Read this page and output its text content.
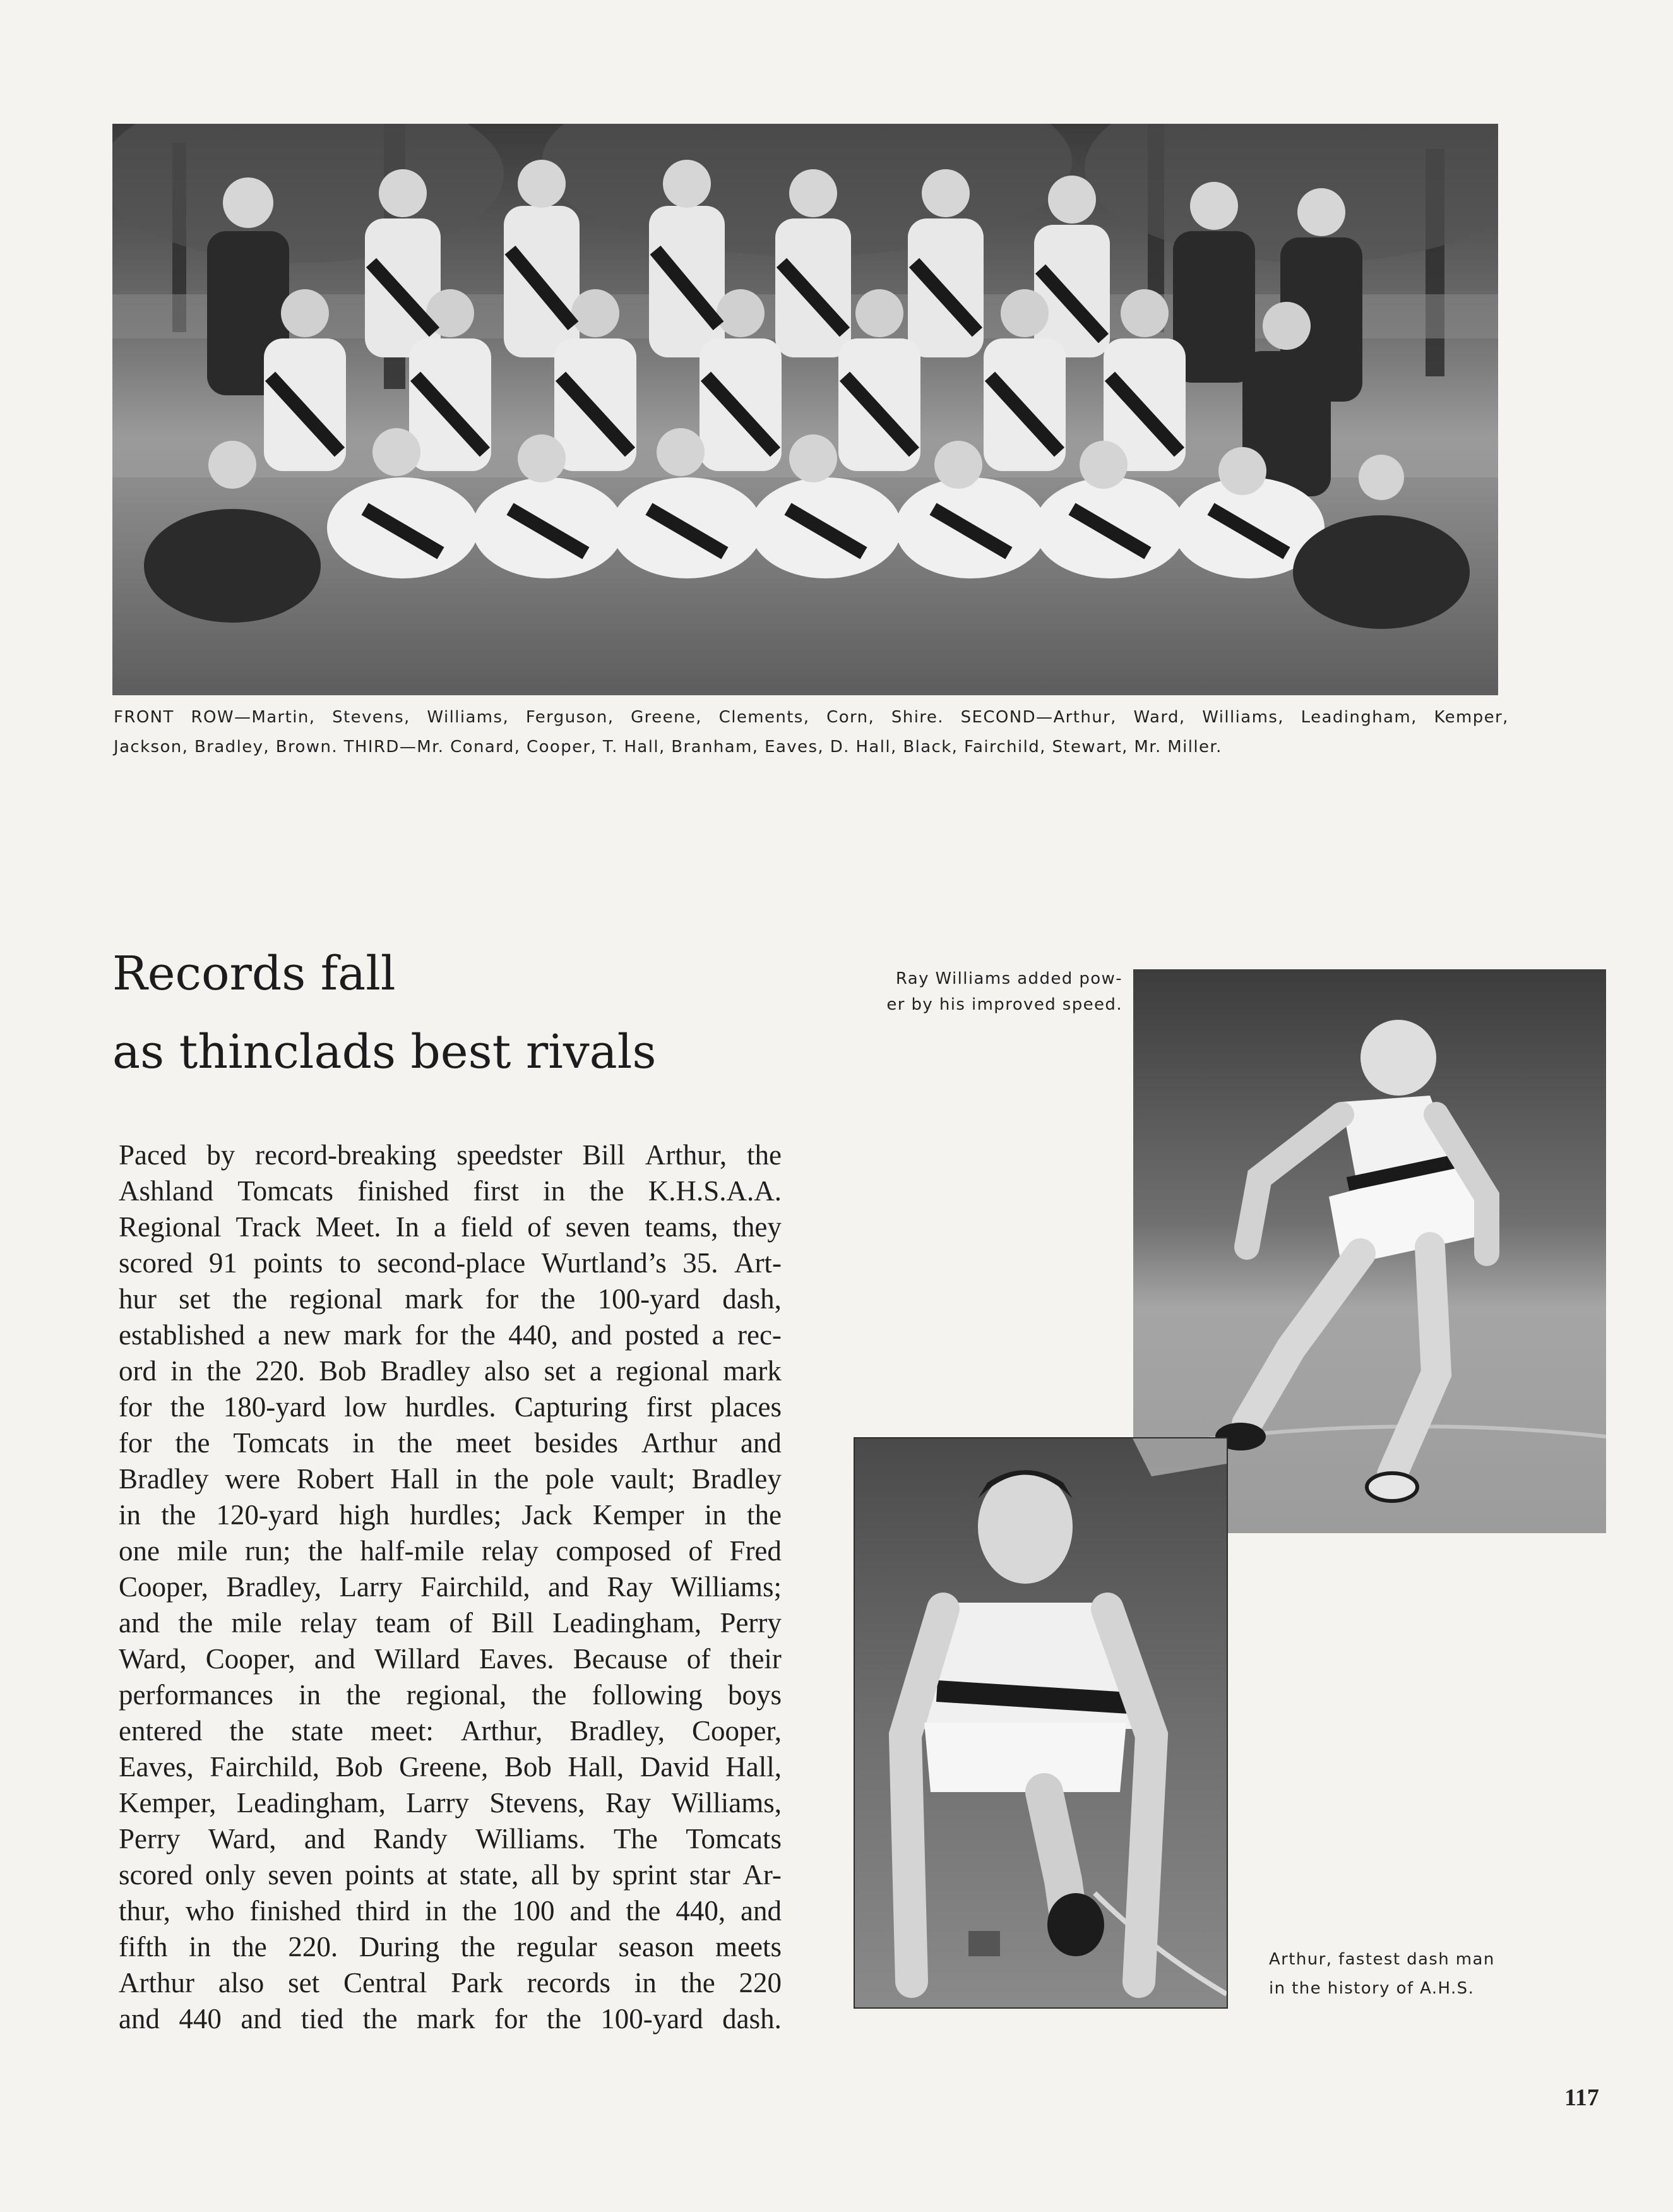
FRONT ROW—Martin, Stevens, Williams, Ferguson, Greene, Clements, Corn, Shire. SECOND—Arthur, Ward, Williams, Leadingham, Kemper,
Jackson, Bradley, Brown. THIRD—Mr. Conard, Cooper, T. Hall, Branham, Eaves, D. Hall, Black, Fairchild, Stewart, Mr. Miller.
Records fall
as thinclads best rivals
Paced by record-breaking speedster Bill Arthur, the
Ashland Tomcats finished first in the K.H.S.A.A.
Regional Track Meet. In a field of seven teams, they
scored 91 points to second-place Wurtland’s 35. Art-
hur set the regional mark for the 100-yard dash,
established a new mark for the 440, and posted a rec-
ord in the 220. Bob Bradley also set a regional mark
for the 180-yard low hurdles. Capturing first places
for the Tomcats in the meet besides Arthur and
Bradley were Robert Hall in the pole vault; Bradley
in the 120-yard high hurdles; Jack Kemper in the
one mile run; the half-mile relay composed of Fred
Cooper, Bradley, Larry Fairchild, and Ray Williams;
and the mile relay team of Bill Leadingham, Perry
Ward, Cooper, and Willard Eaves. Because of their
performances in the regional, the following boys
entered the state meet: Arthur, Bradley, Cooper,
Eaves, Fairchild, Bob Greene, Bob Hall, David Hall,
Kemper, Leadingham, Larry Stevens, Ray Williams,
Perry Ward, and Randy Williams. The Tomcats
scored only seven points at state, all by sprint star Ar-
thur, who finished third in the 100 and the 440, and
fifth in the 220. During the regular season meets
Arthur also set Central Park records in the 220
and 440 and tied the mark for the 100-yard dash.
Ray Williams added pow-
er by his improved speed.
Arthur, fastest dash man
in the history of A.H.S.
117
